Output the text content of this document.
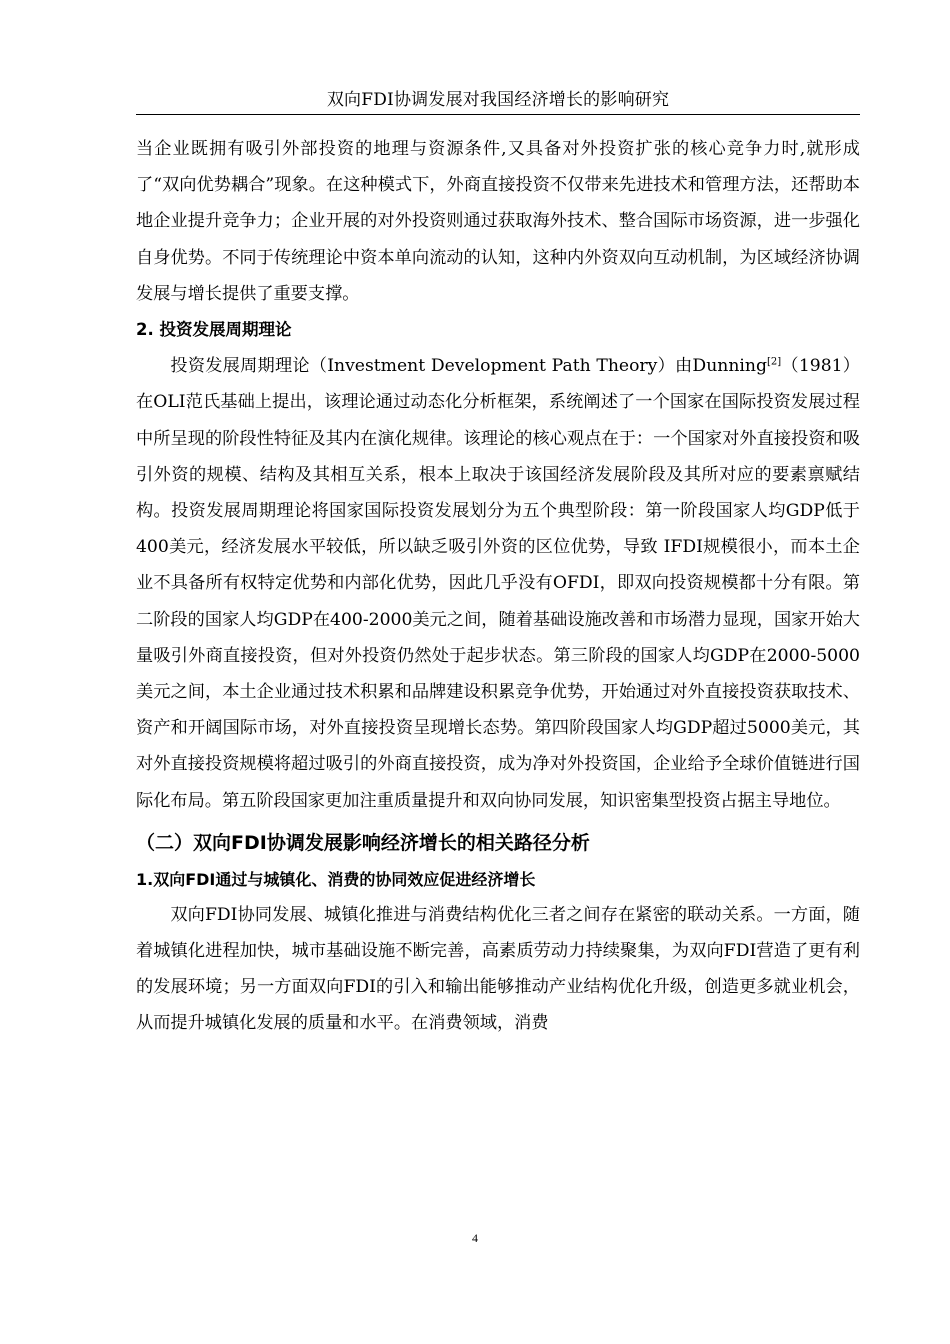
双向FDI协调发展对我国经济增长的影响研究

当企业既拥有吸引外部投资的地理与资源条件,又具备对外投资扩张的核心竞争力时,就形成了“双向优势耦合”现象。在这种模式下，外商直接投资不仅带来先进技术和管理方法，还帮助本地企业提升竞争力；企业开展的对外投资则通过获取海外技术、整合国际市场资源，进一步强化自身优势。不同于传统理论中资本单向流动的认知，这种内外资双向互动机制，为区域经济协调发展与增长提供了重要支撑。

2. 投资发展周期理论

投资发展周期理论（Investment Development Path Theory）由Dunning[2]（1981）在OLI范氏基础上提出，该理论通过动态化分析框架，系统阐述了一个国家在国际投资发展过程中所呈现的阶段性特征及其内在演化规律。该理论的核心观点在于：一个国家对外直接投资和吸引外资的规模、结构及其相互关系，根本上取决于该国经济发展阶段及其所对应的要素禀赋结构。投资发展周期理论将国家国际投资发展划分为五个典型阶段：第一阶段国家人均GDP低于400美元，经济发展水平较低，所以缺乏吸引外资的区位优势，导致 IFDI规模很小，而本土企业不具备所有权特定优势和内部化优势，因此几乎没有OFDI，即双向投资规模都十分有限。第二阶段的国家人均GDP在400-2000美元之间，随着基础设施改善和市场潜力显现，国家开始大量吸引外商直接投资，但对外投资仍然处于起步状态。第三阶段的国家人均GDP在2000-5000美元之间，本土企业通过技术积累和品牌建设积累竞争优势，开始通过对外直接投资获取技术、资产和开阔国际市场，对外直接投资呈现增长态势。第四阶段国家人均GDP超过5000美元，其对外直接投资规模将超过吸引的外商直接投资，成为净对外投资国，企业给予全球价值链进行国际化布局。第五阶段国家更加注重质量提升和双向协同发展，知识密集型投资占据主导地位。

（二）双向FDI协调发展影响经济增长的相关路径分析

1.双向FDI通过与城镇化、消费的协同效应促进经济增长

双向FDI协同发展、城镇化推进与消费结构优化三者之间存在紧密的联动关系。一方面，随着城镇化进程加快，城市基础设施不断完善，高素质劳动力持续聚集，为双向FDI营造了更有利的发展环境；另一方面双向FDI的引入和输出能够推动产业结构优化升级，创造更多就业机会，从而提升城镇化发展的质量和水平。在消费领域，消费

4
